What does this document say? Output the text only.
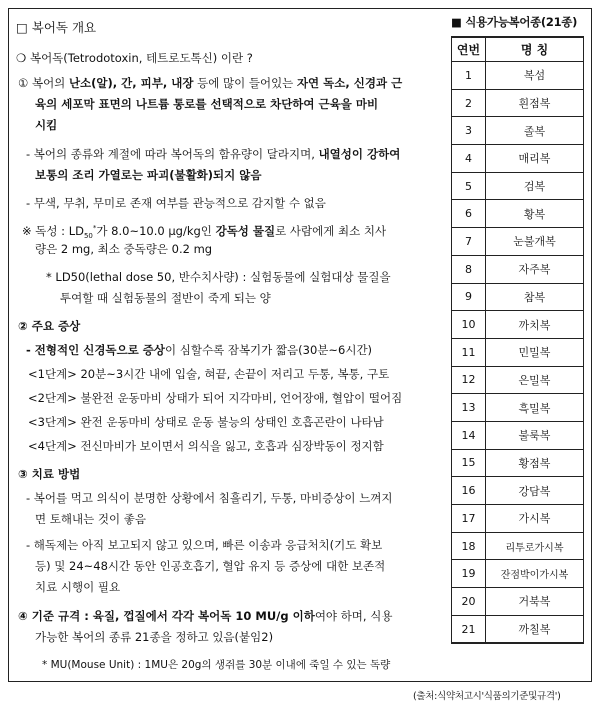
□ 복어독 개요
❍ 복어독(Tetrodotoxin, 테트로도톡신) 이란 ?
① 복어의 난소(알), 간, 피부, 내장 등에 많이 들어있는 자연 독소, 신경과 근
육의 세포막 표면의 나트륨 통로를 선택적으로 차단하여 근육을 마비
시킴
- 복어의 종류와 계절에 따라 복어독의 함유량이 달라지며, 내열성이 강하여
보통의 조리 가열로는 파괴(불활화)되지 않음
- 무색, 무취, 무미로 존재 여부를 관능적으로 감지할 수 없음
※ 독성 : $LD_{50}^*$가 8.0~10.0 μg/kg인 강독성 물질로 사람에게 최소 치사
량은 2 mg, 최소 중독량은 0.2 mg
* LD50(lethal dose 50, 반수치사량) : 실험동물에 실험대상 물질을
투여할 때 실험동물의 절반이 죽게 되는 양
② 주요 증상
- 전형적인 신경독으로 증상이 심할수록 잠복기가 짧음(30분~6시간)
<1단계> 20분~3시간 내에 입술, 혀끝, 손끝이 저리고 두통, 복통, 구토
<2단계> 불완전 운동마비 상태가 되어 지각마비, 언어장애, 혈압이 떨어짐
<3단계> 완전 운동마비 상태로 운동 불능의 상태인 호흡곤란이 나타남
<4단계> 전신마비가 보이면서 의식을 잃고, 호흡과 심장박동이 정지함
③ 치료 방법
- 복어를 먹고 의식이 분명한 상황에서 침흘리기, 두통, 마비증상이 느껴지
면 토해내는 것이 좋음
- 해독제는 아직 보고되지 않고 있으며, 빠른 이송과 응급처치(기도 확보
등) 및 24~48시간 동안 인공호흡기, 혈압 유지 등 증상에 대한 보존적
치료 시행이 필요
④ 기준 규격 : 육질, 껍질에서 각각 복어독 10 MU/g 이하여야 하며, 식용
가능한 복어의 종류 21종을 정하고 있음(붙임2)
* MU(Mouse Unit) : 1MU은 20g의 생쥐를 30분 이내에 죽일 수 있는 독량
■ 식용가능복어종(21종)
연번	명 칭
1	복섬
2	흰점복
3	졸복
4	매리복
5	검복
6	황복
7	눈불개복
8	자주복
9	참복
10	까치복
11	민밀복
12	은밀복
13	흑밀복
14	불룩복
15	황점복
16	강담복
17	가시복
18	리투로가시복
19	잔점박이가시복
20	거북복
21	까칠복
(출처:식약처고시'식품의기준및규격')
